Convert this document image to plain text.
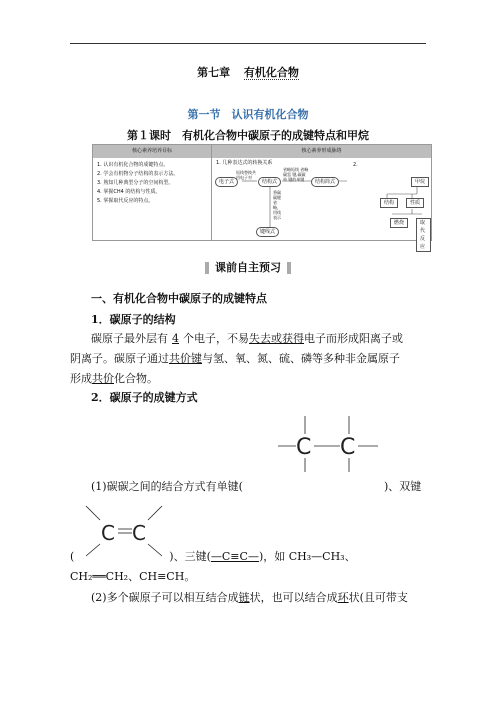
第七章 有机化合物
第一节　认识有机化合物
第１课时　有机化合物中碳原子的成键特点和甲烷
核心素养培养目标	核心素养形成脉络
1. 认识有机化合物的成键特点。
2. 学会有机物分子结构的表示方法。
3. 熟知几种典型分子的空间构型。
4. 掌握CH4 的结构与性质。
5. 掌握取代反应的特点。
1. 几种表达式的转换关系	2.
电子式	结构式	结构简式
键线式
短线替换共用电子对
省略短线 省略碳氢 键,碳碳单 键的单键
将碳碳键省略，用线表示
甲烷
结构	性质
燃烧	取代反应
课前自主预习
一、有机化合物中碳原子的成键特点
1．碳原子的结构
碳原子最外层有 4 个电子，不易失去或获得电子而形成阳离子或
阴离子。碳原子通过共价键与氢、氧、氮、硫、磷等多种非金属原子
形成共价化合物。
2．碳原子的成键方式
C C
(1)碳碳之间的结合方式有单键(	)、双键
C C
(	)、三键(—C≡C—)，如 CH₃—CH₃、
CH₂══CH₂、CH≡CH。
(2)多个碳原子可以相互结合成链状，也可以结合成环状(且可带支
